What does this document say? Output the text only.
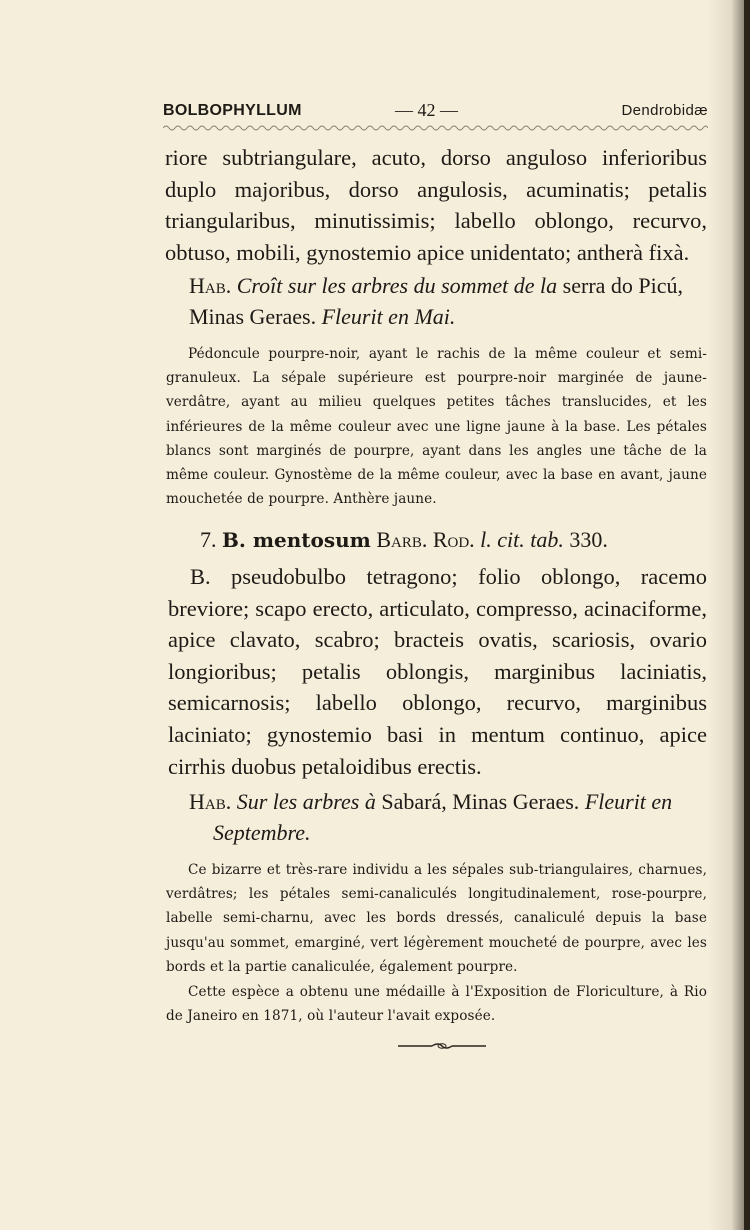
BOLBOPHYLLUM	— 42 —	Dendrobidæ
riore subtriangulare, acuto, dorso anguloso inferioribus duplo majoribus, dorso angulosis, acuminatis; petalis triangularibus, minutissimis; labello oblongo, recurvo, obtuso, mobili, gynostemio apice unidentato; antherà fixà.
Hab. Croît sur les arbres du sommet de la serra do Picú, Minas Geraes. Fleurit en Mai.
Pédoncule pourpre-noir, ayant le rachis de la même couleur et semi-granuleux. La sépale supérieure est pourpre-noir marginée de jaune-verdâtre, ayant au milieu quelques petites tâches translucides, et les inférieures de la même couleur avec une ligne jaune à la base. Les pétales blancs sont marginés de pourpre, ayant dans les angles une tâche de la même couleur. Gynostème de la même couleur, avec la base en avant, jaune mouchetée de pourpre. Anthère jaune.
7. B. mentosum Barb. Rod. l. cit. tab. 330.
B. pseudobulbo tetragono; folio oblongo, racemo breviore; scapo erecto, articulato, compresso, acinaciforme, apice clavato, scabro; bracteis ovatis, scariosis, ovario longioribus; petalis oblongis, marginibus laciniatis, semicarnosis; labello oblongo, recurvo, marginibus laciniato; gynostemio basi in mentum continuo, apice cirrhis duobus petaloidibus erectis.
Hab. Sur les arbres à Sabará, Minas Geraes. Fleurit en Septembre.
Ce bizarre et très-rare individu a les sépales sub-triangulaires, charnues, verdâtres; les pétales semi-canaliculés longitudinalement, rose-pourpre, labelle semi-charnu, avec les bords dressés, canaliculé depuis la base jusqu'au sommet, emarginé, vert légèrement moucheté de pourpre, avec les bords et la partie canaliculée, également pourpre.
Cette espèce a obtenu une médaille à l'Exposition de Floriculture, à Rio de Janeiro en 1871, où l'auteur l'avait exposée.
